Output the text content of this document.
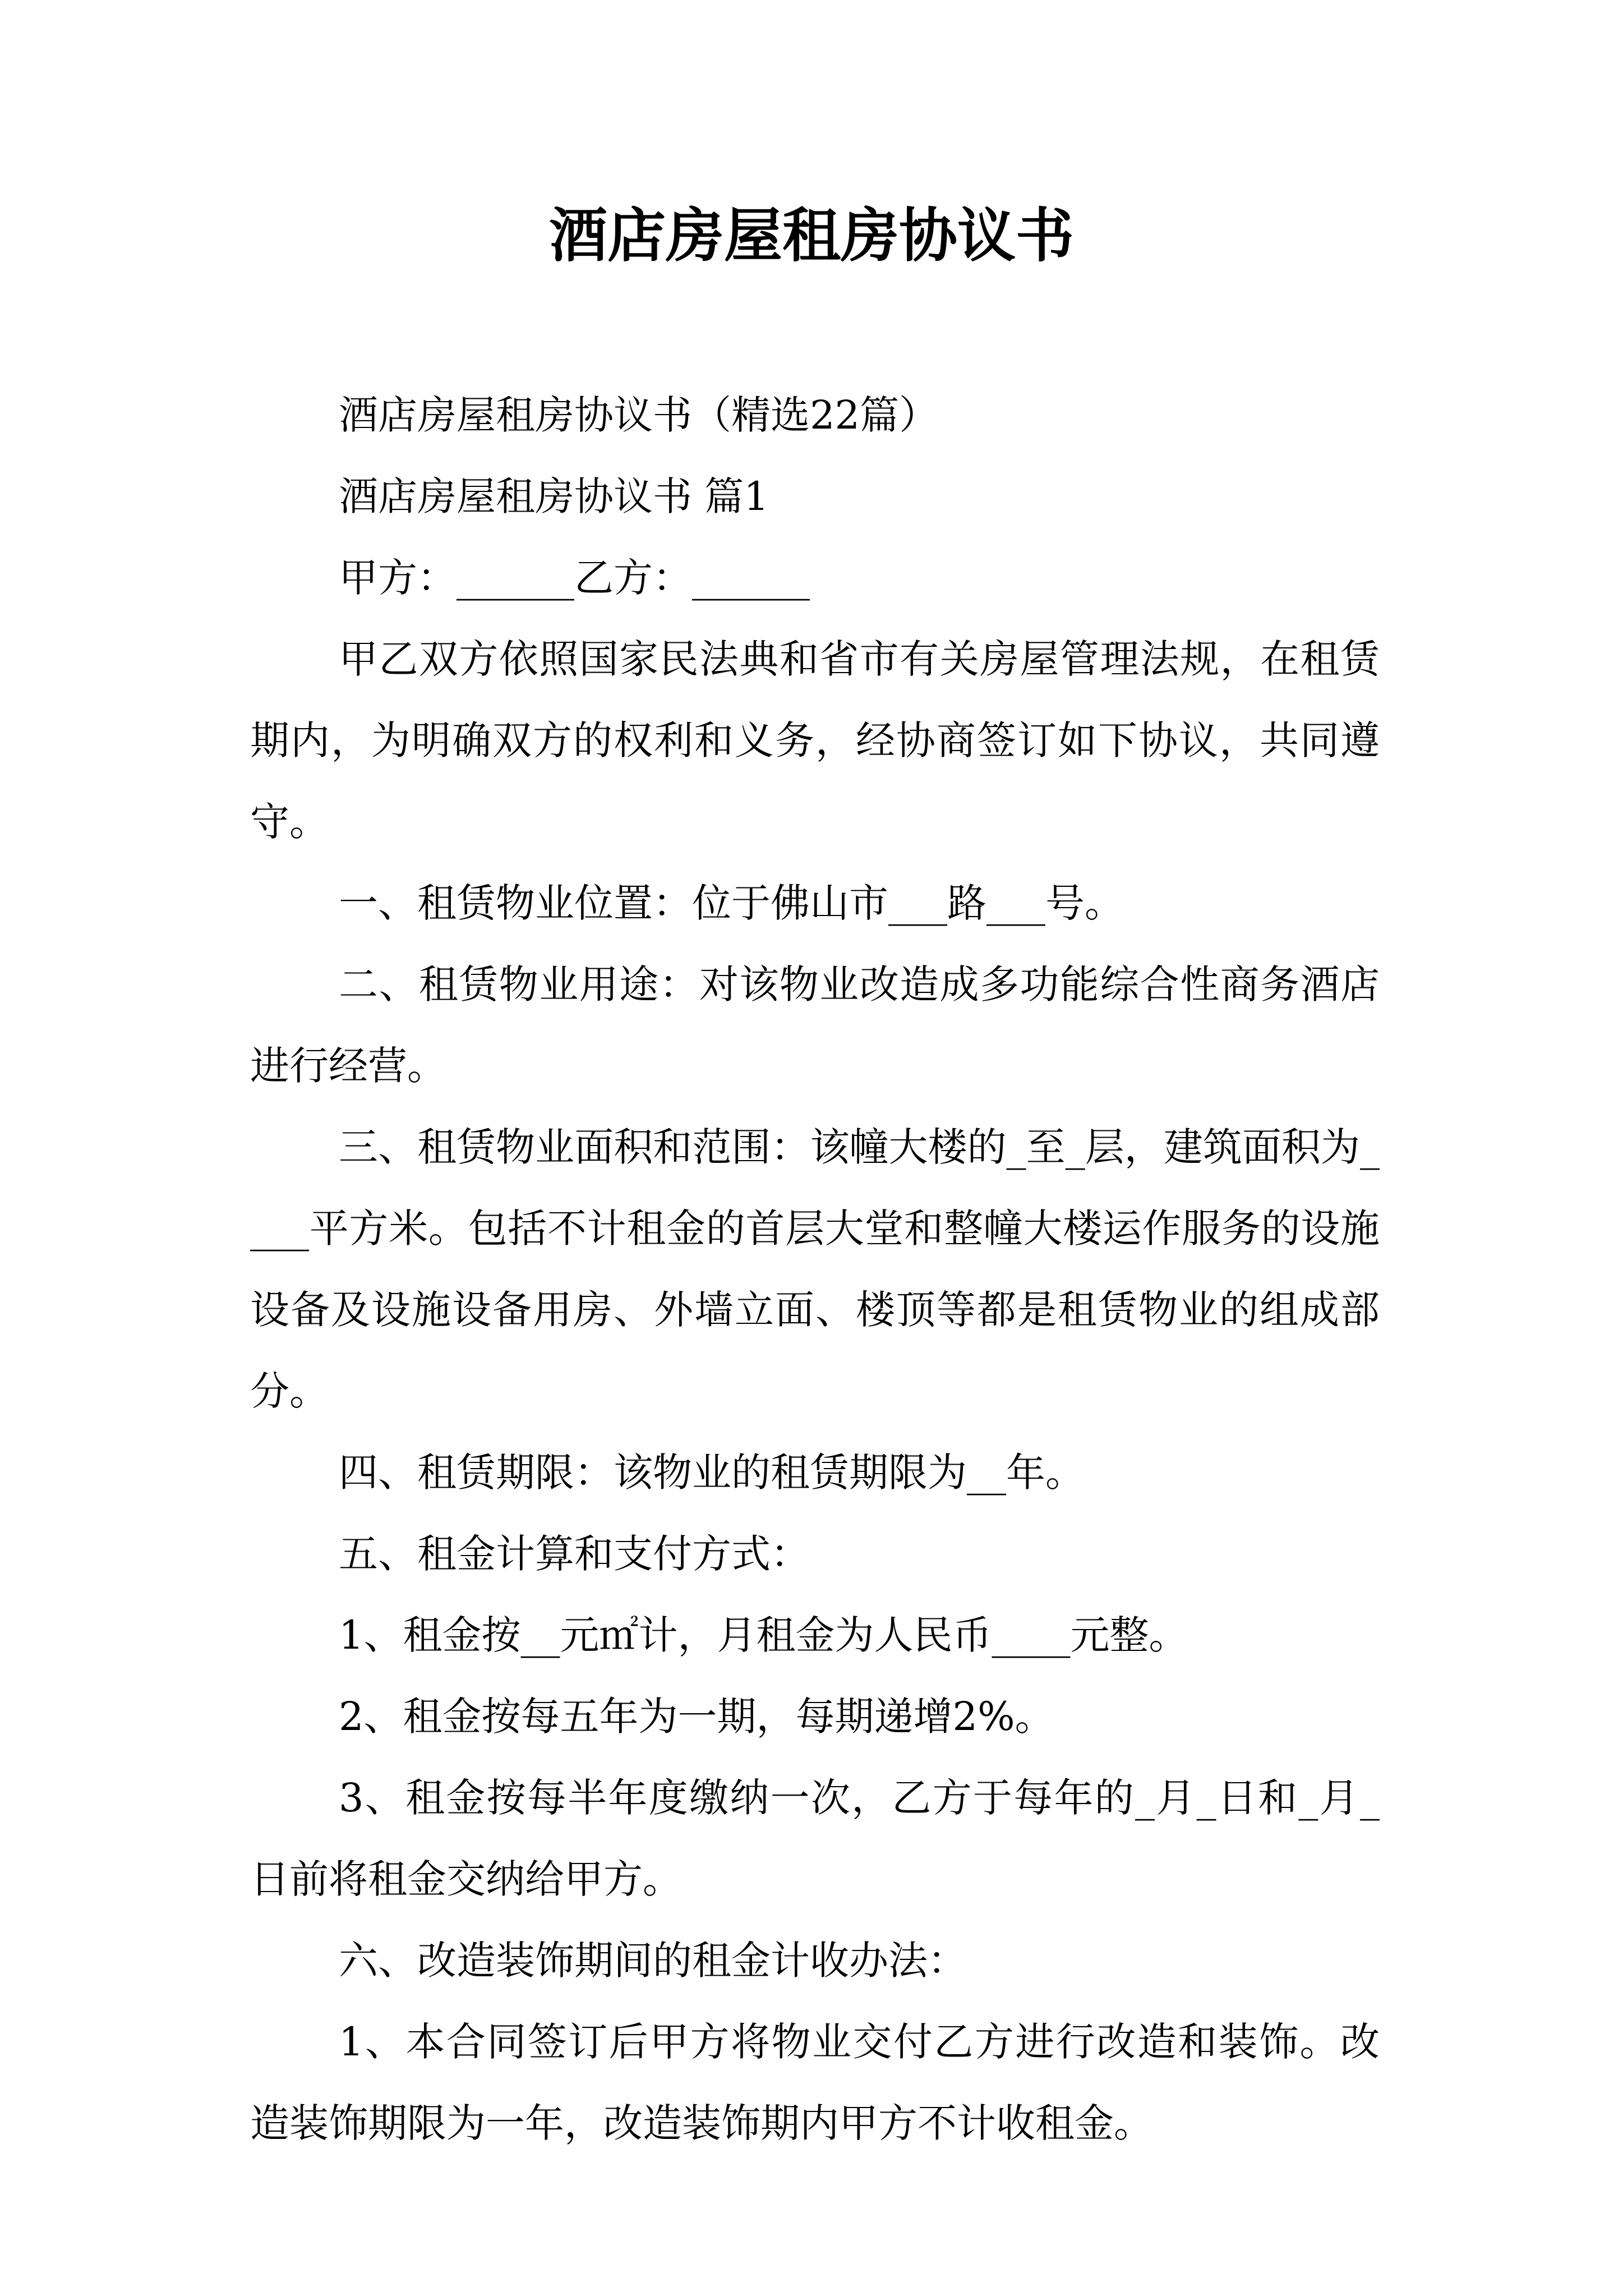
酒店房屋租房协议书

酒店房屋租房协议书（精选22篇）

酒店房屋租房协议书 篇1

甲方：______乙方：______

甲乙双方依照国家民法典和省市有关房屋管理法规，在租赁期内，为明确双方的权利和义务，经协商签订如下协议，共同遵守。

一、租赁物业位置：位于佛山市___路___号。

二、租赁物业用途：对该物业改造成多功能综合性商务酒店进行经营。

三、租赁物业面积和范围：该幢大楼的_至_层，建筑面积为____平方米。包括不计租金的首层大堂和整幢大楼运作服务的设施设备及设施设备用房、外墙立面、楼顶等都是租赁物业的组成部分。

四、租赁期限：该物业的租赁期限为__年。

五、租金计算和支付方式：

1、租金按__元㎡计，月租金为人民币____元整。

2、租金按每五年为一期，每期递增2%。

3、租金按每半年度缴纳一次，乙方于每年的_月_日和_月_日前将租金交纳给甲方。

六、改造装饰期间的租金计收办法：

1、本合同签订后甲方将物业交付乙方进行改造和装饰。改造装饰期限为一年，改造装饰期内甲方不计收租金。
